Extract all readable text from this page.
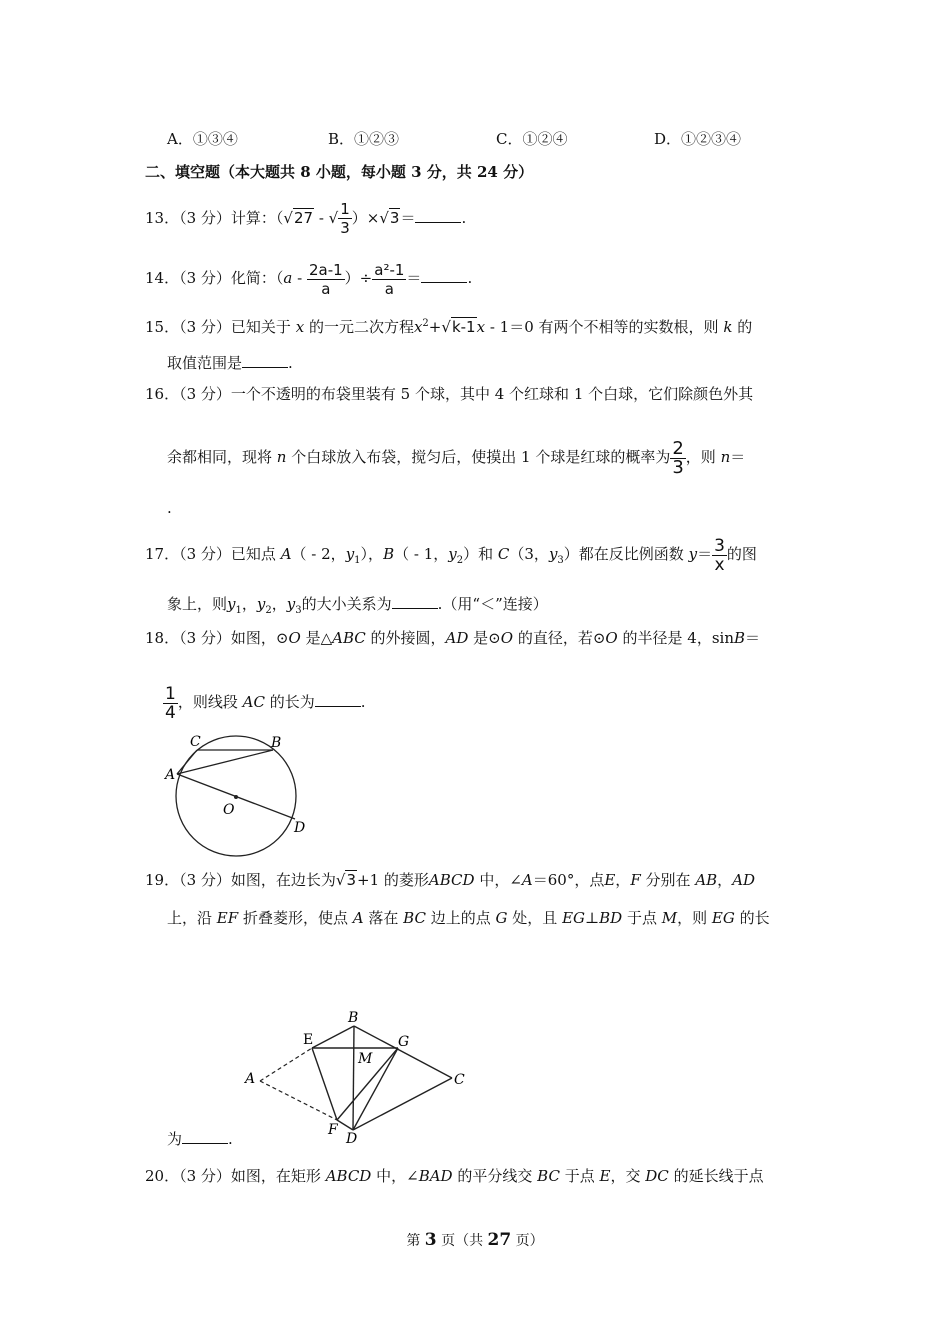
A．①③④	B．①②③	C．①②④	D．①②③④
二、填空题（本大题共 8 小题，每小题 3 分，共 24 分）
13．（3 分）计算：（√27 - √ $\frac{1}{3} )\times√3=$	.
14．（3 分）化简：（$a - \frac{2a-1}{a}$ ）÷ $\frac{\text{a²-1}}{a}$ ＝	.
15．（3 分）已知关于 x 的一元二次方程$x^2+√k-1x - 1=0$ 有两个不相等的实数根，则 k 的
取值范围是	.
16．（3 分）一个不透明的布袋里装有 5 个球，其中 4 个红球和 1 个白球，它们除颜色外其
余都相同，现将 n 个白球放入布袋，搅匀后，使摸出 1 个球是红球的概率为 $\frac{2}{3}$ ，则 n＝
.
17．（3 分）已知点 A（ - 2，$y_1$），B（ - 1，$y_2$）和 C（3，$y_3$）都在反比例函数 $y= \frac{3}{x}$ 的图
象上，则$y_1$，$y_2$，$y_3$的大小关系为	.（用“＜”连接）
18．（3 分）如图，⊙O 是△ABC 的外接圆，AD 是⊙O 的直径，若⊙O 的半径是 4，sinB＝
$\frac{1}{4}$ ，则线段 AC 的长为	.
C	B
A
O
D
19．（3 分）如图，在边长为√3+1 的菱形ABCD 中，∠A＝60°，点E，F 分别在 AB，AD
上，沿 EF 折叠菱形，使点 A 落在 BC 边上的点 G 处，且 EG⊥BD 于点 M，则 EG 的长
B
E	G
M
A	C
F
D
为	.
20．（3 分）如图，在矩形 ABCD 中，∠BAD 的平分线交 BC 于点 E，交 DC 的延长线于点
第 3 页（共 27 页）
